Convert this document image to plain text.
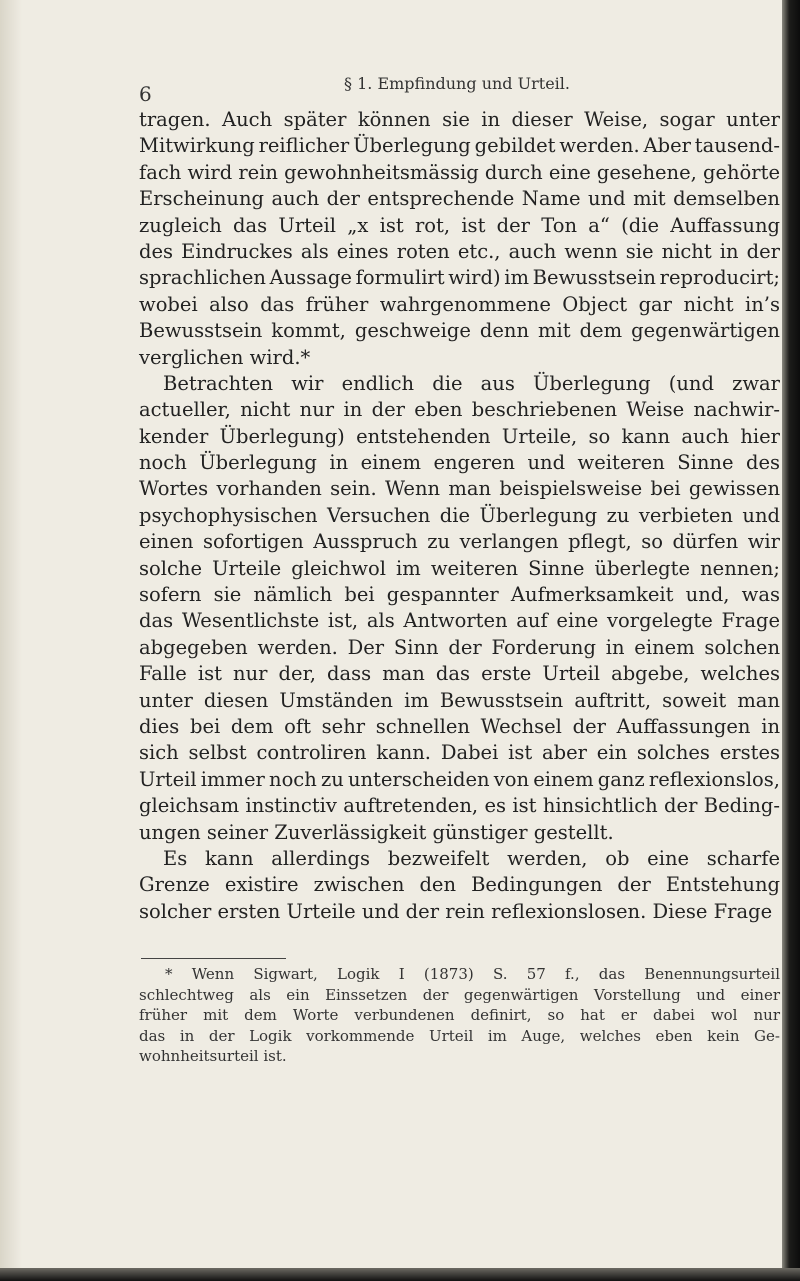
6	§ 1. Empfindung und Urteil.
tragen. Auch später können sie in dieser Weise, sogar unter
Mitwirkung reiflicher Überlegung gebildet werden. Aber tausend-
fach wird rein gewohnheitsmässig durch eine gesehene, gehörte
Erscheinung auch der entsprechende Name und mit demselben
zugleich das Urteil „x ist rot, ist der Ton a“ (die Auffassung
des Eindruckes als eines roten etc., auch wenn sie nicht in der
sprachlichen Aussage formulirt wird) im Bewusstsein reproducirt;
wobei also das früher wahrgenommene Object gar nicht in’s
Bewusstsein kommt, geschweige denn mit dem gegenwärtigen
verglichen wird.*
Betrachten wir endlich die aus Überlegung (und zwar
actueller, nicht nur in der eben beschriebenen Weise nachwir-
kender Überlegung) entstehenden Urteile, so kann auch hier
noch Überlegung in einem engeren und weiteren Sinne des
Wortes vorhanden sein. Wenn man beispielsweise bei gewissen
psychophysischen Versuchen die Überlegung zu verbieten und
einen sofortigen Ausspruch zu verlangen pflegt, so dürfen wir
solche Urteile gleichwol im weiteren Sinne überlegte nennen;
sofern sie nämlich bei gespannter Aufmerksamkeit und, was
das Wesentlichste ist, als Antworten auf eine vorgelegte Frage
abgegeben werden. Der Sinn der Forderung in einem solchen
Falle ist nur der, dass man das erste Urteil abgebe, welches
unter diesen Umständen im Bewusstsein auftritt, soweit man
dies bei dem oft sehr schnellen Wechsel der Auffassungen in
sich selbst controliren kann. Dabei ist aber ein solches erstes
Urteil immer noch zu unterscheiden von einem ganz reflexionslos,
gleichsam instinctiv auftretenden, es ist hinsichtlich der Beding-
ungen seiner Zuverlässigkeit günstiger gestellt.
Es kann allerdings bezweifelt werden, ob eine scharfe
Grenze existire zwischen den Bedingungen der Entstehung
solcher ersten Urteile und der rein reflexionslosen. Diese Frage
* Wenn Sigwart, Logik I (1873) S. 57 f., das Benennungsurteil
schlechtweg als ein Einssetzen der gegenwärtigen Vorstellung und einer
früher mit dem Worte verbundenen definirt, so hat er dabei wol nur
das in der Logik vorkommende Urteil im Auge, welches eben kein Ge-
wohnheitsurteil ist.
